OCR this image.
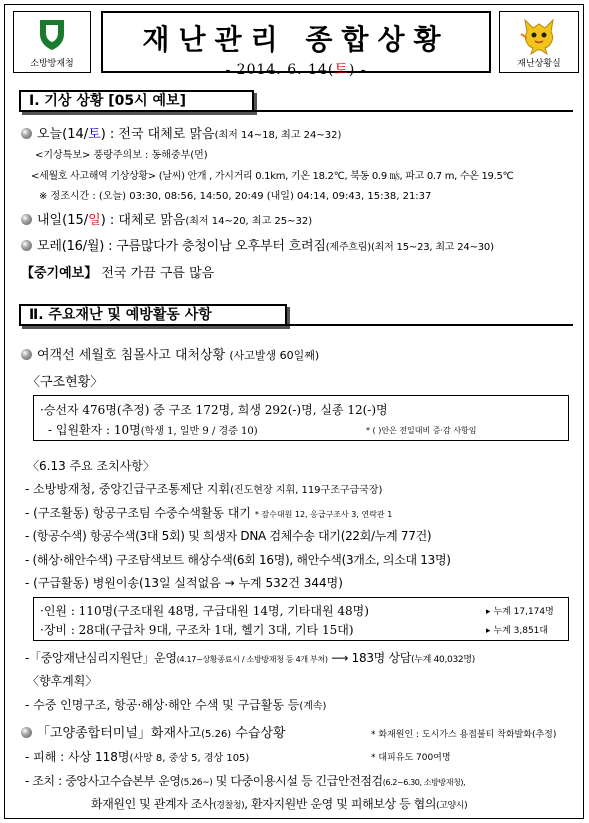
소방방재청
재난관리 종합상황
- 2014. 6. 14(토) -	재난상황실
Ⅰ. 기상 상황 [05시 예보]
오늘(14/토) : 전국 대체로 맑음(최저 14~18, 최고 24~32)
<기상특보> 풍랑주의보 : 동해중부(먼)
<세월호 사고해역 기상상황> (날씨) 안개 , 가시거리 0.1km, 기온 18.2℃, 북동 0.9 ㎧, 파고 0.7 m, 수온 19.5℃
※ 정조시간 : (오늘) 03:30, 08:56, 14:50, 20:49 (내일) 04:14, 09:43, 15:38, 21:37
내일(15/일) : 대체로 맑음(최저 14~20, 최고 25~32)
모레(16/월) : 구름많다가 충청이남 오후부터 흐려짐(제주흐림)(최저 15~23, 최고 24~30)
【중기예보】 전국 가끔 구름 많음
Ⅱ. 주요재난 및 예방활동 사항
여객선 세월호 침몰사고 대처상황 (사고발생 60일째)
〈구조현황〉
·승선자 476명(추정) 중 구조 172명, 희생 292(-)명, 실종 12(-)명
- 입원환자 : 10명(학생 1, 일반 9 / 경증 10)	* ( )안은 전일대비 증·감 사항임
〈6.13 주요 조치사항〉
- 소방방재청, 중앙긴급구조통제단 지휘(진도현장 지휘, 119구조구급국장)
- (구조활동) 항공구조팀 수중수색활동 대기 * 잠수대원 12, 응급구조사 3, 연락관 1
- (항공수색) 항공수색(3대 5회) 및 희생자 DNA 검체수송 대기(22회/누계 77건)
- (해상·해안수색) 구조탐색보트 해상수색(6회 16명), 해안수색(3개소, 의소대 13명)
- (구급활동) 병원이송(13일 실적없음 → 누계 532건 344명)
·인원 : 110명(구조대원 48명, 구급대원 14명, 기타대원 48명)	▸ 누계 17,174명
·장비 : 28대(구급차 9대, 구조차 1대, 헬기 3대, 기타 15대)	▸ 누계 3,851대
-「중앙재난심리지원단」운영(4.17~상황종료시 / 소방방재청 등 4개 부처) ⟶ 183명 상담(누계 40,032명)
〈향후계획〉
- 수중 인명구조, 항공·해상·해안 수색 및 구급활동 등(계속)
「고양종합터미널」화재사고(5.26) 수습상황	* 화재원인 : 도시가스 용접불티 착화발화(추정)
- 피해 : 사상 118명(사망 8, 중상 5, 경상 105)	* 대피유도 700여명
- 조치 : 중앙사고수습본부 운영(5.26~) 및 다중이용시설 등 긴급안전점검(6.2~6.30, 소방방재청),
화재원인 및 관계자 조사(경찰청), 환자지원반 운영 및 피해보상 등 협의(고양시)
